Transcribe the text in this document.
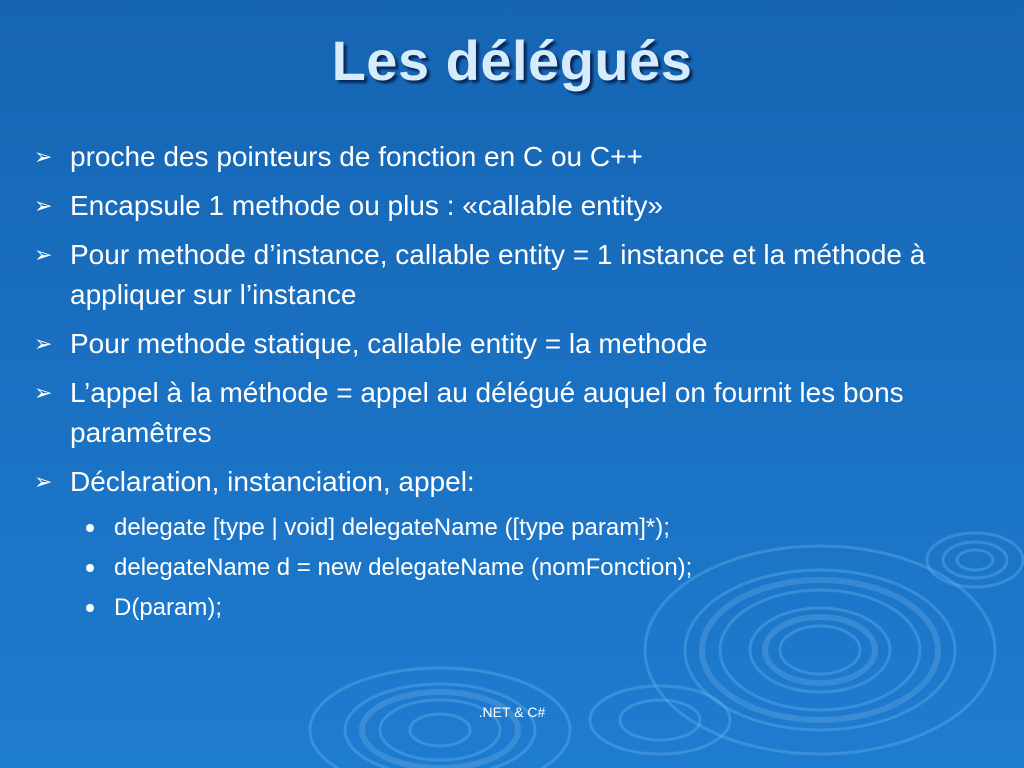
Les délégués
➢ proche des pointeurs de fonction en C ou C++
➢ Encapsule 1 methode ou plus : «callable entity»
➢ Pour methode d’instance, callable entity = 1 instance et la méthode à appliquer sur l’instance
➢ Pour methode statique, callable entity = la methode
➢ L’appel à la méthode = appel au délégué auquel on fournit les bons paramêtres
➢ Déclaration, instanciation, appel:
delegate [type | void] delegateName ([type param]*);
delegateName d = new delegateName (nomFonction);
D(param);
.NET & C#
